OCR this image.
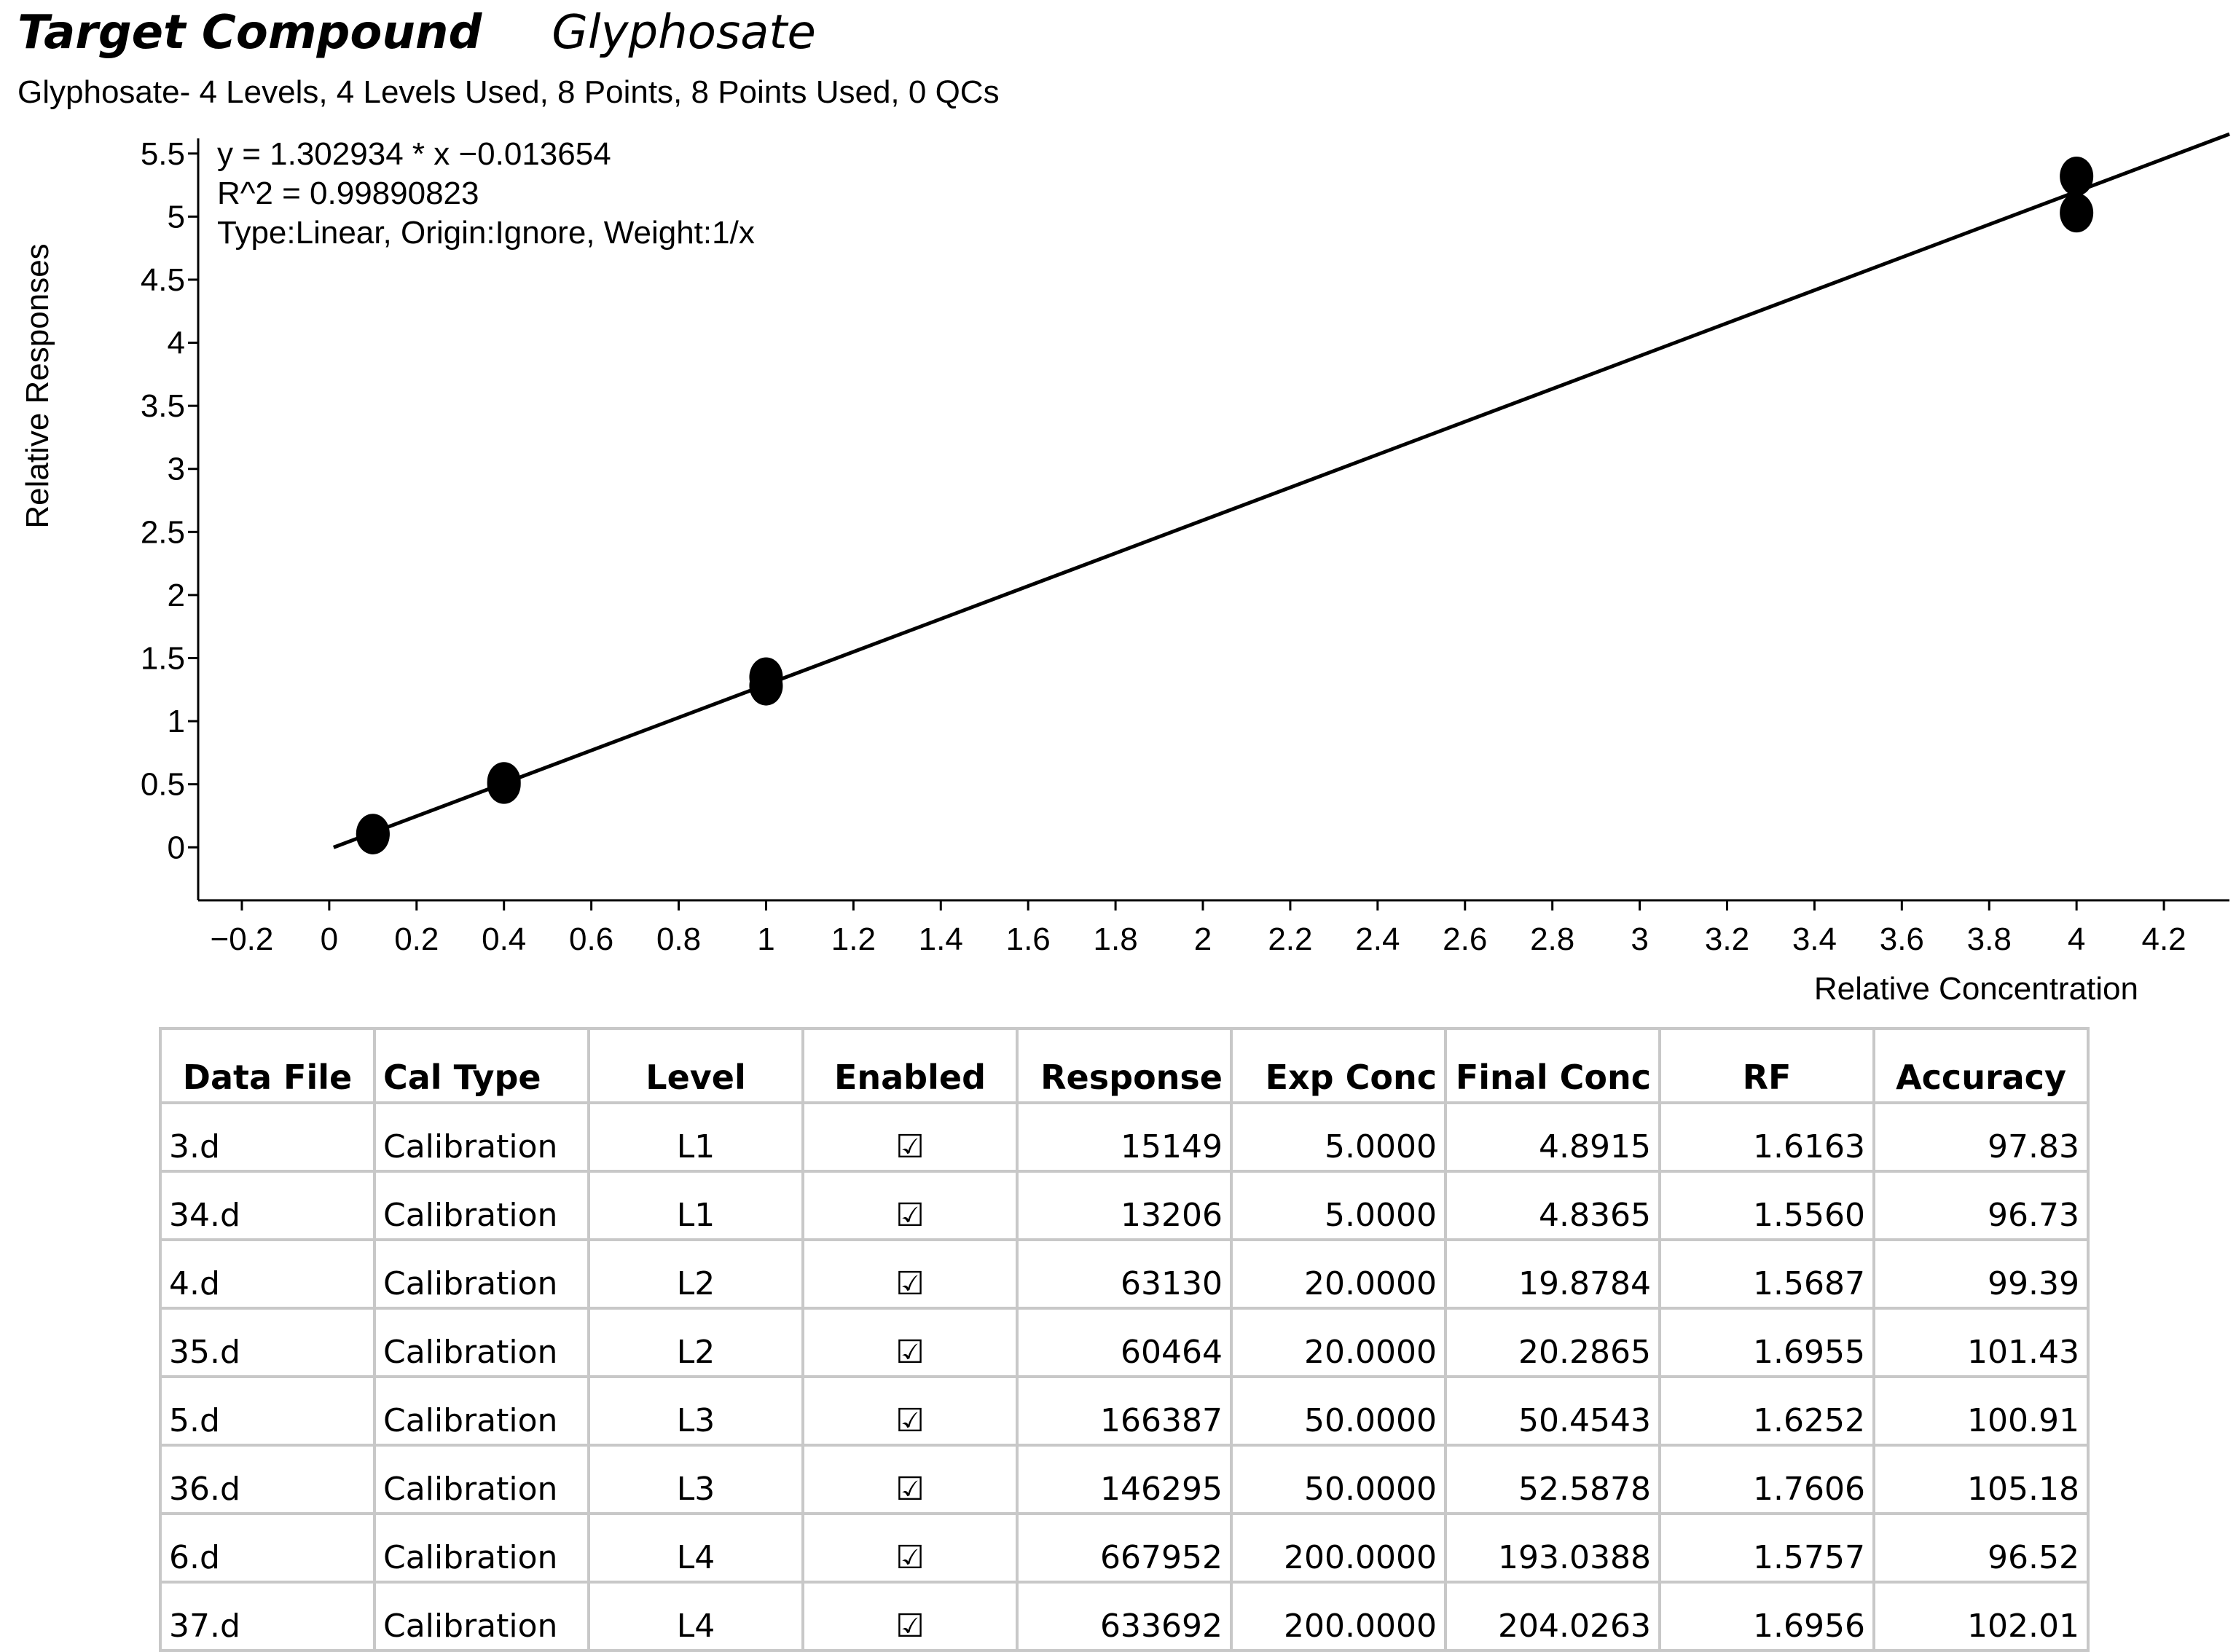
Target Compound Glyphosate
Glyphosate- 4 Levels, 4 Levels Used, 8 Points, 8 Points Used, 0 QCs
0
0.5
1
1.5
2
2.5
3
3.5
4
4.5
5
5.5
−0.2 0 0.2 0.4 0.6 0.8 1 1.2 1.4 1.6 1.8 2 2.2 2.4 2.6 2.8 3 3.2 3.4 3.6 3.8 4 4.2
y = 1.302934 * x −0.013654
R^2 = 0.99890823
Type:Linear, Origin:Ignore, Weight:1/x
Relative Concentration
Relative Responses
Data File	Cal Type	Level	Enabled	Response	Exp Conc	Final Conc	RF	Accuracy
3.d	Calibration	L1	☑	15149	5.0000	4.8915	1.6163	97.83
34.d	Calibration	L1	☑	13206	5.0000	4.8365	1.5560	96.73
4.d	Calibration	L2	☑	63130	20.0000	19.8784	1.5687	99.39
35.d	Calibration	L2	☑	60464	20.0000	20.2865	1.6955	101.43
5.d	Calibration	L3	☑	166387	50.0000	50.4543	1.6252	100.91
36.d	Calibration	L3	☑	146295	50.0000	52.5878	1.7606	105.18
6.d	Calibration	L4	☑	667952	200.0000	193.0388	1.5757	96.52
37.d	Calibration	L4	☑	633692	200.0000	204.0263	1.6956	102.01
